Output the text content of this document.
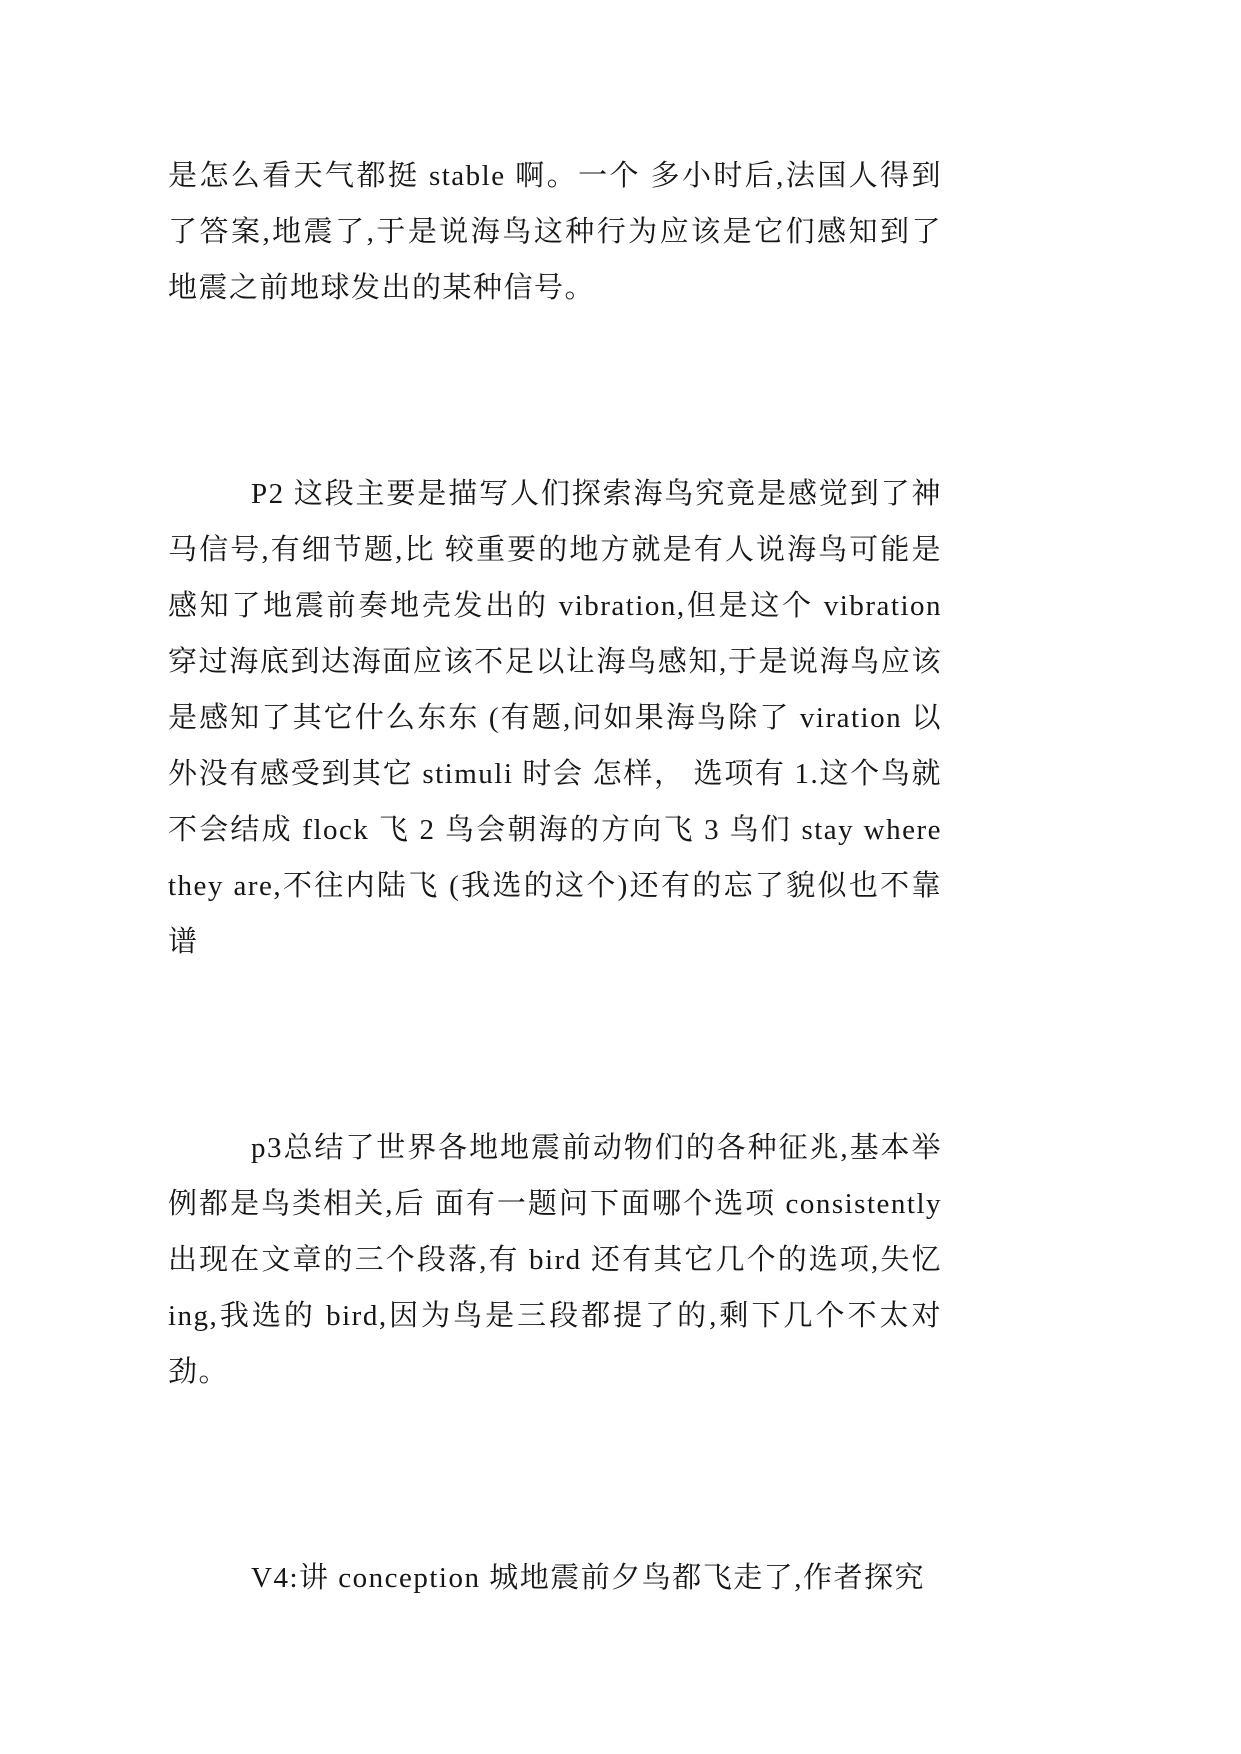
是怎么看天气都挺 stable 啊。一个 多小时后,法国人得到了答案,地震了,于是说海鸟这种行为应该是它们感知到了地震之前地球发出的某种信号。

P2 这段主要是描写人们探索海鸟究竟是感觉到了神马信号,有细节题,比 较重要的地方就是有人说海鸟可能是感知了地震前奏地壳发出的 vibration,但是这个 vibration 穿过海底到达海面应该不足以让海鸟感知,于是说海鸟应该是感知了其它什么东东 (有题,问如果海鸟除了 viration 以外没有感受到其它 stimuli 时会 怎样， 选项有 1.这个鸟就不会结成 flock 飞 2 鸟会朝海的方向飞 3 鸟们 stay where they are,不往内陆飞 (我选的这个)还有的忘了貌似也不靠谱

p3总结了世界各地地震前动物们的各种征兆,基本举例都是鸟类相关,后 面有一题问下面哪个选项 consistently 出现在文章的三个段落,有 bird 还有其它几个的选项,失忆 ing,我选的 bird,因为鸟是三段都提了的,剩下几个不太对劲。

V4:讲 conception 城地震前夕鸟都飞走了,作者探究
